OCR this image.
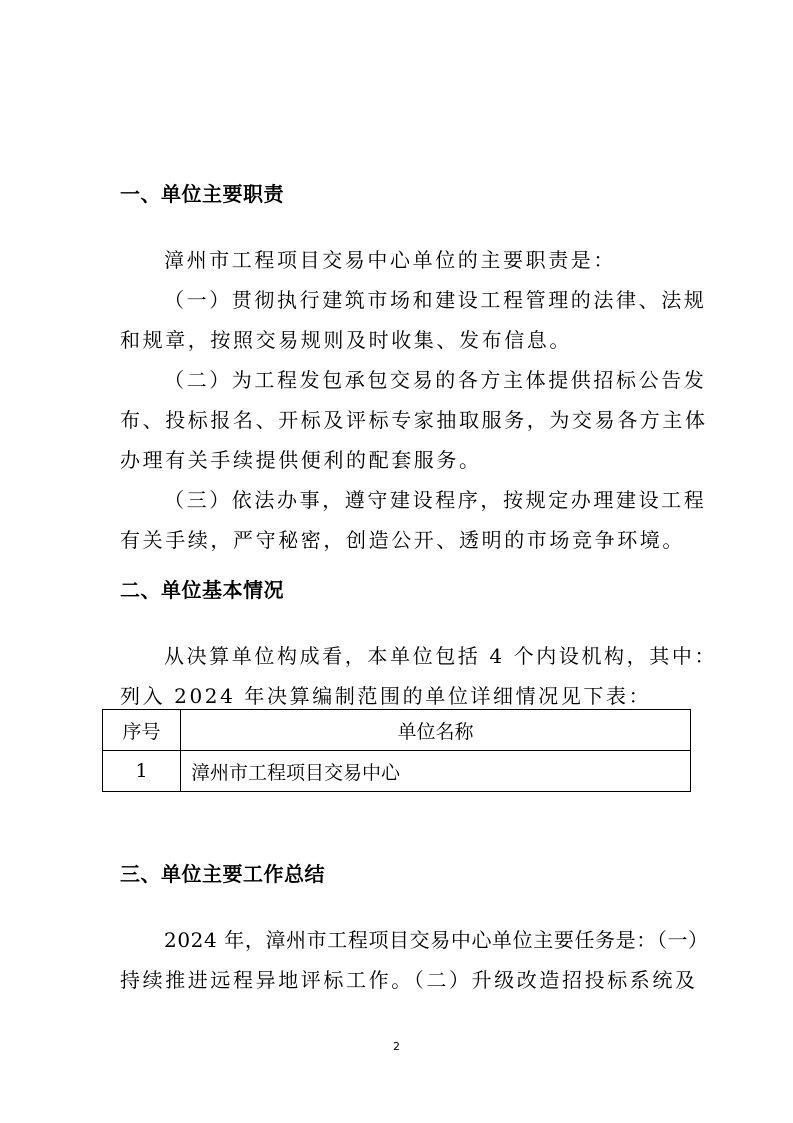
一、单位主要职责
漳州市工程项目交易中心单位的主要职责是：
（一）贯彻执行建筑市场和建设工程管理的法律、法规
和规章，按照交易规则及时收集、发布信息。
（二）为工程发包承包交易的各方主体提供招标公告发
布、投标报名、开标及评标专家抽取服务，为交易各方主体
办理有关手续提供便利的配套服务。
（三）依法办事，遵守建设程序，按规定办理建设工程
有关手续，严守秘密，创造公开、透明的市场竞争环境。
二、单位基本情况
从决算单位构成看，本单位包括 4 个内设机构，其中：
列入 2024 年决算编制范围的单位详细情况见下表：
序号	单位名称
1	漳州市工程项目交易中心
三、单位主要工作总结
2024 年，漳州市工程项目交易中心单位主要任务是：（一）
持续推进远程异地评标工作。（二）升级改造招投标系统及
2
